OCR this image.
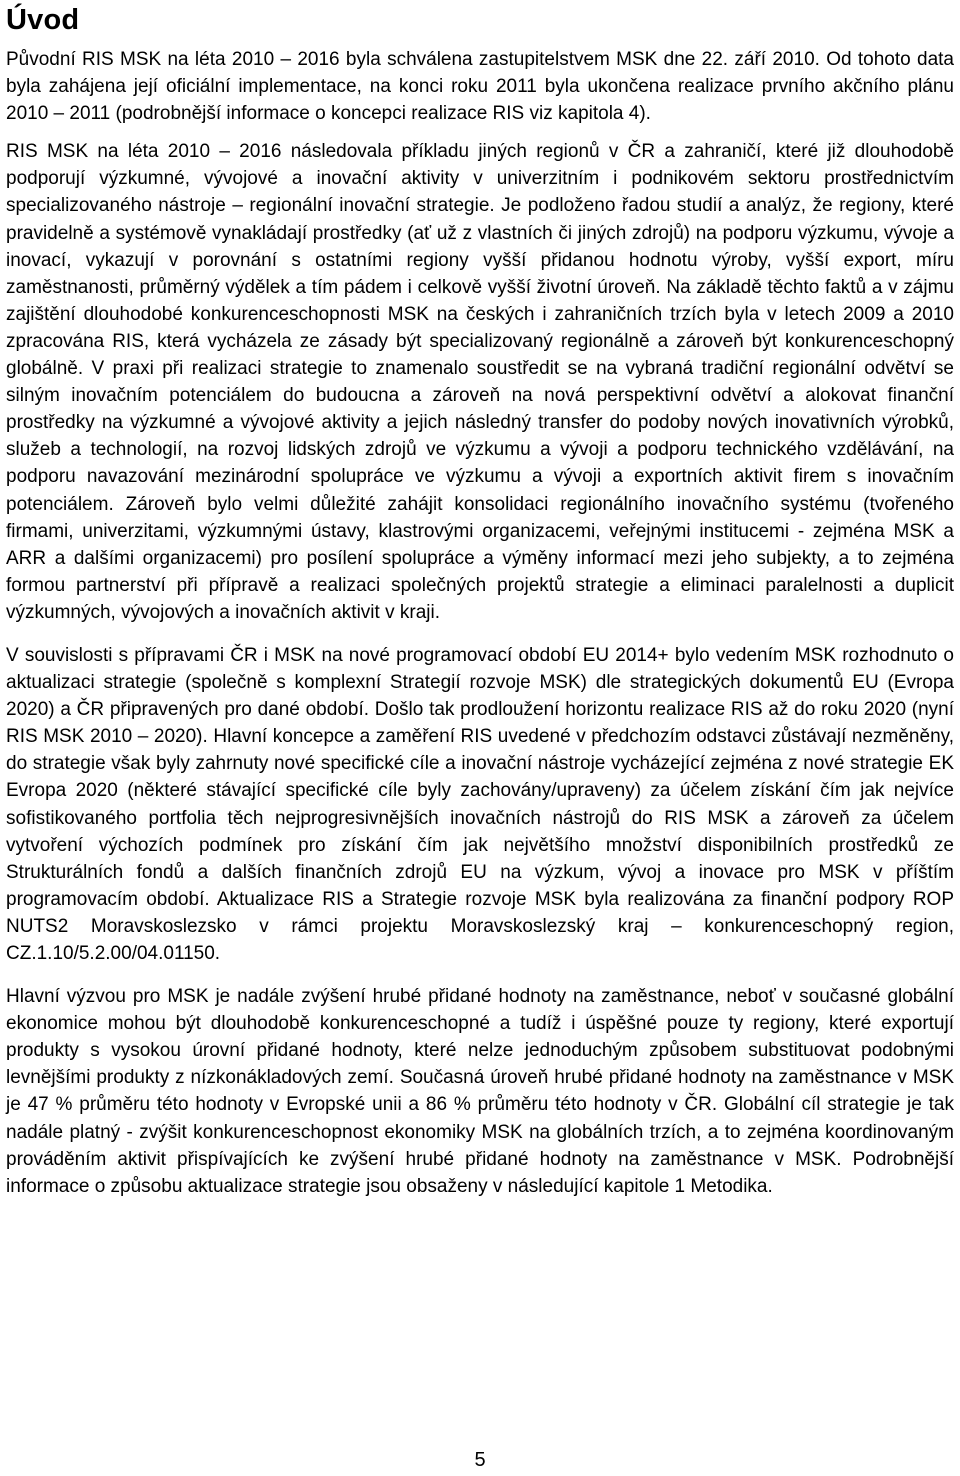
Úvod

Původní RIS MSK na léta 2010 – 2016 byla schválena zastupitelstvem MSK dne 22. září 2010. Od tohoto data byla zahájena její oficiální implementace, na konci roku 2011 byla ukončena realizace prvního akčního plánu 2010 – 2011 (podrobnější informace o koncepci realizace RIS viz kapitola 4).

RIS MSK na léta 2010 – 2016 následovala příkladu jiných regionů v ČR a zahraničí, které již dlouhodobě podporují výzkumné, vývojové a inovační aktivity v univerzitním i podnikovém sektoru prostřednictvím specializovaného nástroje – regionální inovační strategie. Je podloženo řadou studií a analýz, že regiony, které pravidelně a systémově vynakládají prostředky (ať už z vlastních či jiných zdrojů) na podporu výzkumu, vývoje a inovací, vykazují v porovnání s ostatními regiony vyšší přidanou hodnotu výroby, vyšší export, míru zaměstnanosti, průměrný výdělek a tím pádem i celkově vyšší životní úroveň. Na základě těchto faktů a v zájmu zajištění dlouhodobé konkurenceschopnosti MSK na českých i zahraničních trzích byla v letech 2009 a 2010 zpracována RIS, která vycházela ze zásady být specializovaný regionálně a zároveň být konkurenceschopný globálně. V praxi při realizaci strategie to znamenalo soustředit se na vybraná tradiční regionální odvětví se silným inovačním potenciálem do budoucna a zároveň na nová perspektivní odvětví a alokovat finanční prostředky na výzkumné a vývojové aktivity a jejich následný transfer do podoby nových inovativních výrobků, služeb a technologií, na rozvoj lidských zdrojů ve výzkumu a vývoji a podporu technického vzdělávání, na podporu navazování mezinárodní spolupráce ve výzkumu a vývoji a exportních aktivit firem s inovačním potenciálem. Zároveň bylo velmi důležité zahájit konsolidaci regionálního inovačního systému (tvořeného firmami, univerzitami, výzkumnými ústavy, klastrovými organizacemi, veřejnými institucemi - zejména MSK a ARR a dalšími organizacemi) pro posílení spolupráce a výměny informací mezi jeho subjekty, a to zejména formou partnerství při přípravě a realizaci společných projektů strategie a eliminaci paralelnosti a duplicit výzkumných, vývojových a inovačních aktivit v kraji.

V souvislosti s přípravami ČR i MSK na nové programovací období EU 2014+ bylo vedením MSK rozhodnuto o aktualizaci strategie (společně s komplexní Strategií rozvoje MSK) dle strategických dokumentů EU (Evropa 2020) a ČR připravených pro dané období. Došlo tak prodloužení horizontu realizace RIS až do roku 2020 (nyní RIS MSK 2010 – 2020). Hlavní koncepce a zaměření RIS uvedené v předchozím odstavci zůstávají nezměněny, do strategie však byly zahrnuty nové specifické cíle a inovační nástroje vycházející zejména z nové strategie EK Evropa 2020 (některé stávající specifické cíle byly zachovány/upraveny) za účelem získání čím jak nejvíce sofistikovaného portfolia těch nejprogresivnějších inovačních nástrojů do RIS MSK a zároveň za účelem vytvoření výchozích podmínek pro získání čím jak největšího množství disponibilních prostředků ze Strukturálních fondů a dalších finančních zdrojů EU na výzkum, vývoj a inovace pro MSK v příštím programovacím období. Aktualizace RIS a Strategie rozvoje MSK byla realizována za finanční podpory ROP NUTS2 Moravskoslezsko v rámci projektu Moravskoslezský kraj – konkurenceschopný region, CZ.1.10/5.2.00/04.01150.

Hlavní výzvou pro MSK je nadále zvýšení hrubé přidané hodnoty na zaměstnance, neboť v současné globální ekonomice mohou být dlouhodobě konkurenceschopné a tudíž i úspěšné pouze ty regiony, které exportují produkty s vysokou úrovní přidané hodnoty, které nelze jednoduchým způsobem substituovat podobnými levnějšími produkty z nízkonákladových zemí. Současná úroveň hrubé přidané hodnoty na zaměstnance v MSK je 47 % průměru této hodnoty v Evropské unii a 86 % průměru této hodnoty v ČR. Globální cíl strategie je tak nadále platný - zvýšit konkurenceschopnost ekonomiky MSK na globálních trzích, a to zejména koordinovaným prováděním aktivit přispívajících ke zvýšení hrubé přidané hodnoty na zaměstnance v MSK. Podrobnější informace o způsobu aktualizace strategie jsou obsaženy v následující kapitole 1 Metodika.

5
